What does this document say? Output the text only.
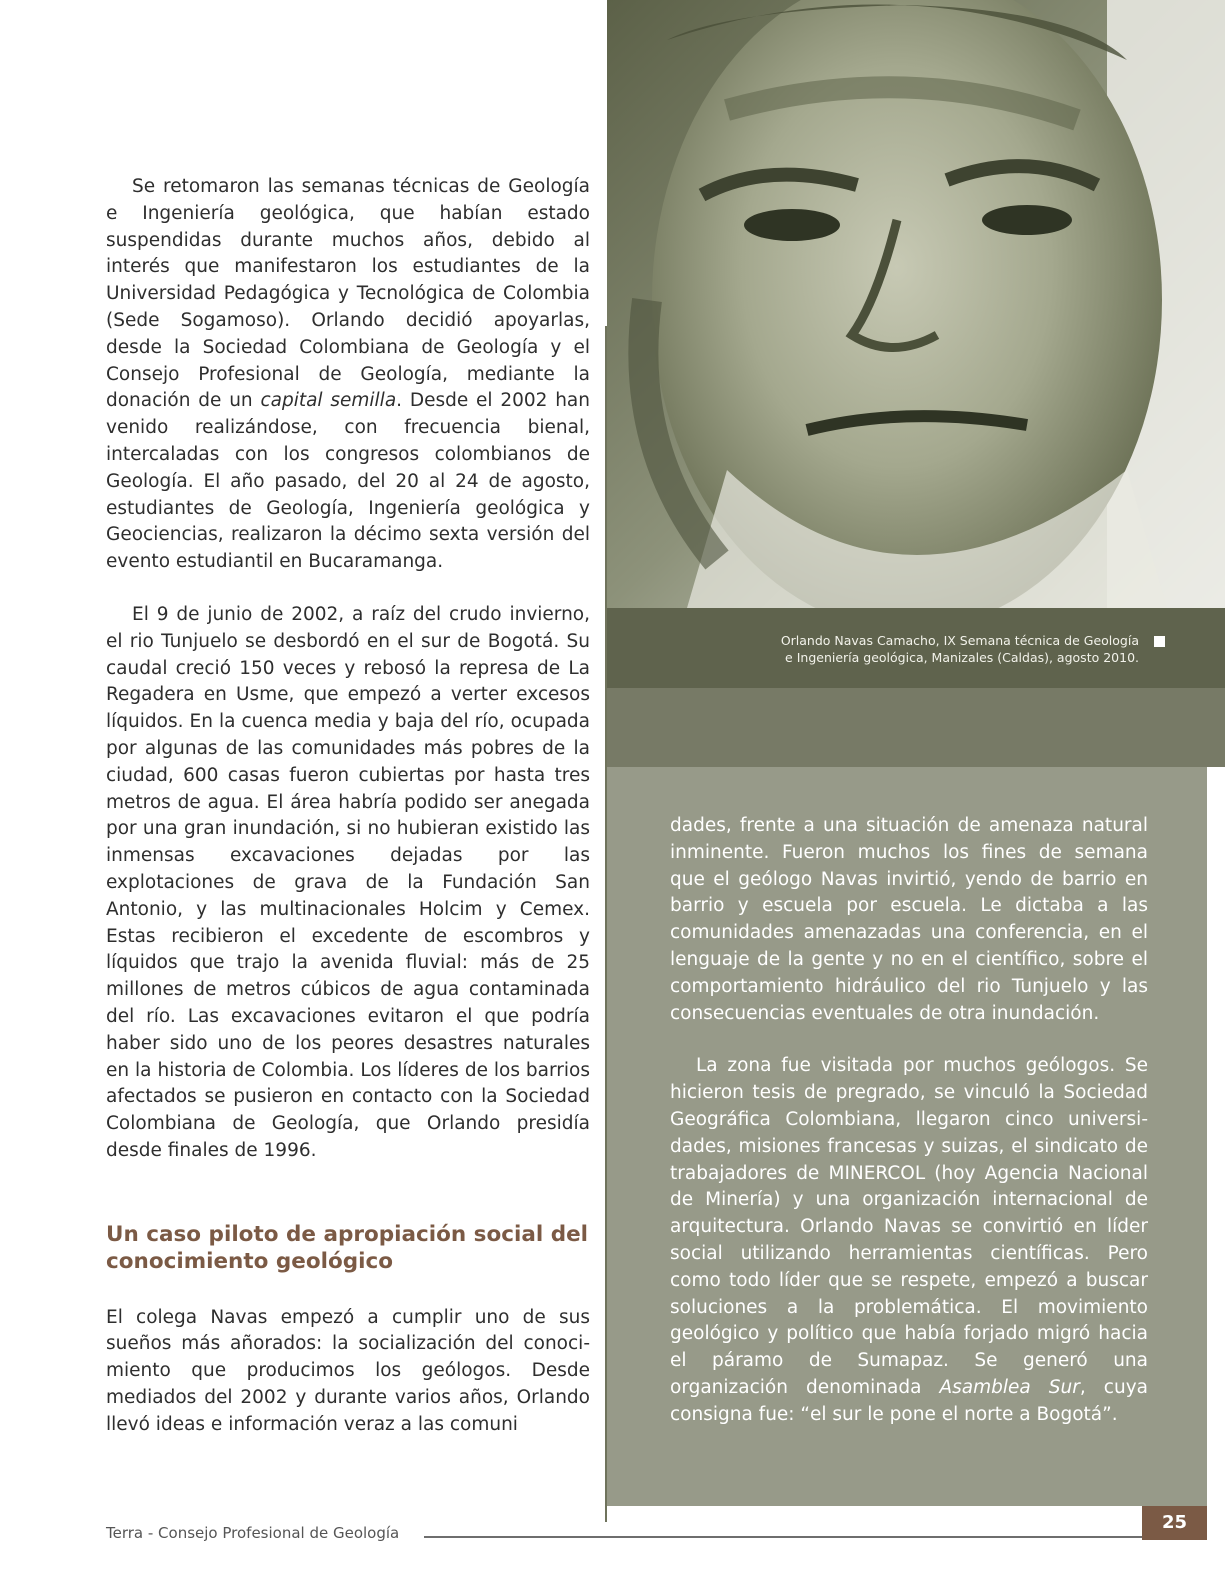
Se retomaron las semanas técnicas de Geología e Ingeniería geológica, que habían estado suspendidas durante muchos años, debido al interés que manifestaron los estudiantes de la Universidad Pedagógica y Tecnológica de Colombia (Sede Sogamoso). Orlando decidió apoyarlas, desde la Sociedad Colombiana de Geología y el Consejo Profesional de Geología, mediante la donación de un capital semilla. Desde el 2002 han venido realizándose, con frecuencia bienal, intercaladas con los congresos colombianos de Geología. El año pasado, del 20 al 24 de agosto, estudiantes de Geología, Ingeniería geológica y Geociencias, realizaron la décimo sexta versión del evento estudiantil en Bucaramanga.

El 9 de junio de 2002, a raíz del crudo invierno, el rio Tunjuelo se desbordó en el sur de Bogotá. Su caudal creció 150 veces y rebosó la represa de La Regadera en Usme, que empezó a verter excesos líquidos. En la cuenca media y baja del río, ocupada por algunas de las comunidades más pobres de la ciudad, 600 casas fueron cubiertas por hasta tres metros de agua. El área habría podido ser anegada por una gran inundación, si no hubieran existido las inmensas excavaciones dejadas por las explotaciones de grava de la Fundación San Antonio, y las multinacionales Holcim y Cemex. Estas recibieron el excedente de escombros y líquidos que trajo la avenida fluvial: más de 25 millones de metros cúbicos de agua contaminada del río. Las excavaciones evitaron el que podría haber sido uno de los peores desastres naturales en la historia de Colombia. Los líderes de los barrios afectados se pusieron en contacto con la Sociedad Colombiana de Geología, que Orlando presidía desde finales de 1996.

Un caso piloto de apropiación social del conocimiento geológico

El colega Navas empezó a cumplir uno de sus sueños más añorados: la socialización del conocimiento que producimos los geólogos. Desde mediados del 2002 y durante varios años, Orlando llevó ideas e información veraz a las comuni

Orlando Navas Camacho, IX Semana técnica de Geología
e Ingeniería geológica, Manizales (Caldas), agosto 2010.

dades, frente a una situación de amenaza natural inminente. Fueron muchos los fines de semana que el geólogo Navas invirtió, yendo de barrio en barrio y escuela por escuela. Le dictaba a las comunidades amenazadas una conferencia, en el lenguaje de la gente y no en el científico, sobre el comportamiento hidráulico del rio Tunjuelo y las consecuencias eventuales de otra inundación.

La zona fue visitada por muchos geólogos. Se hicieron tesis de pregrado, se vinculó la Sociedad Geográfica Colombiana, llegaron cinco universidades, misiones francesas y suizas, el sindicato de trabajadores de MINERCOL (hoy Agencia Nacional de Minería) y una organización internacional de arquitectura. Orlando Navas se convirtió en líder social utilizando herramientas científicas. Pero como todo líder que se respete, empezó a buscar soluciones a la problemática. El movimiento geológico y político que había forjado migró hacia el páramo de Sumapaz. Se generó una organización denominada Asamblea Sur, cuya consigna fue: “el sur le pone el norte a Bogotá”.

Terra - Consejo Profesional de Geología	25
